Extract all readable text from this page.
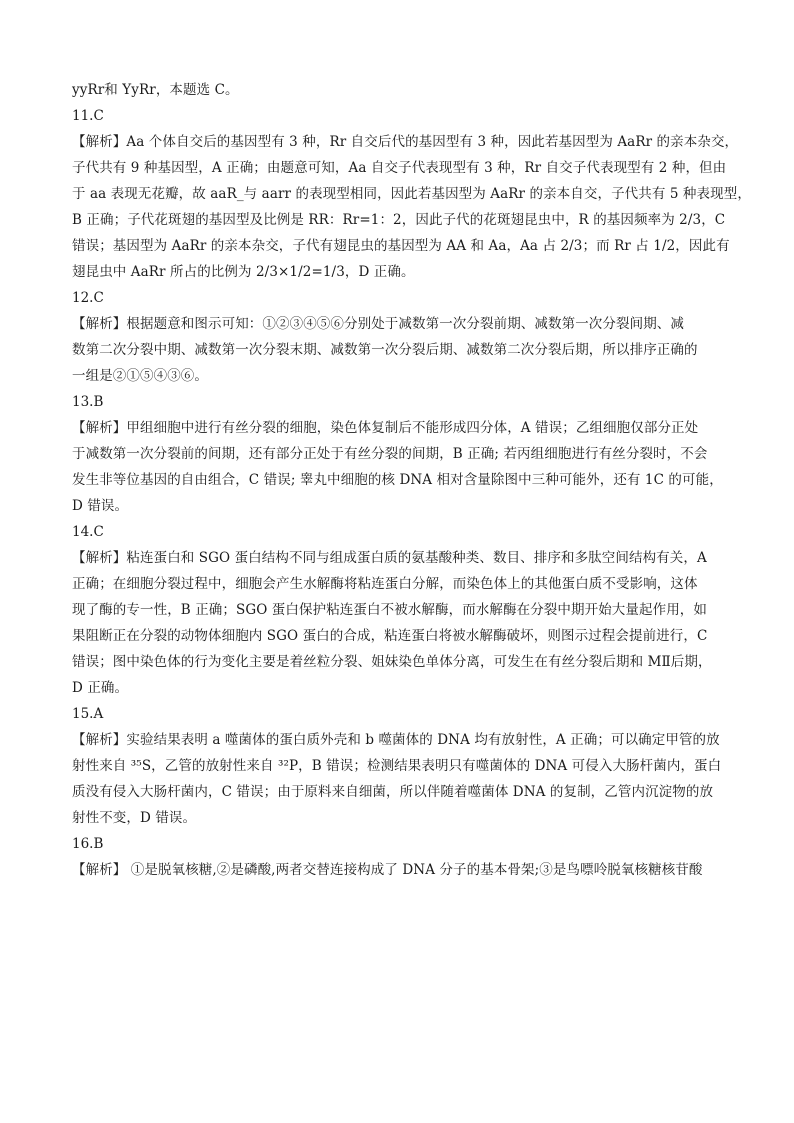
yyRr和 YyRr，本题选 C。
11.C
【解析】Aa 个体自交后的基因型有 3 种，Rr 自交后代的基因型有 3 种，因此若基因型为 AaRr 的亲本杂交，
子代共有 9 种基因型，A 正确；由题意可知，Aa 自交子代表现型有 3 种，Rr 自交子代表现型有 2 种，但由
于 aa 表现无花瓣，故 aaR_与 aarr 的表现型相同，因此若基因型为 AaRr 的亲本自交，子代共有 5 种表现型，
B 正确；子代花斑翅的基因型及比例是 RR：Rr=1：2，因此子代的花斑翅昆虫中，R 的基因频率为 2/3，C
错误；基因型为 AaRr 的亲本杂交，子代有翅昆虫的基因型为 AA 和 Aa，Aa 占 2/3；而 Rr 占 1/2，因此有
翅昆虫中 AaRr 所占的比例为 2/3×1/2=1/3，D 正确。
12.C
【解析】根据题意和图示可知：①②③④⑤⑥分别处于减数第一次分裂前期、减数第一次分裂间期、减
数第二次分裂中期、减数第一次分裂末期、减数第一次分裂后期、减数第二次分裂后期，所以排序正确的
一组是②①⑤④③⑥。
13.B
【解析】甲组细胞中进行有丝分裂的细胞，染色体复制后不能形成四分体，A 错误；乙组细胞仅部分正处
于减数第一次分裂前的间期，还有部分正处于有丝分裂的间期，B 正确; 若丙组细胞进行有丝分裂时，不会
发生非等位基因的自由组合，C 错误; 睾丸中细胞的核 DNA 相对含量除图中三种可能外，还有 1C 的可能，
D 错误。
14.C
【解析】粘连蛋白和 SGO 蛋白结构不同与组成蛋白质的氨基酸种类、数目、排序和多肽空间结构有关，A
正确；在细胞分裂过程中，细胞会产生水解酶将粘连蛋白分解，而染色体上的其他蛋白质不受影响，这体
现了酶的专一性，B 正确；SGO 蛋白保护粘连蛋白不被水解酶，而水解酶在分裂中期开始大量起作用，如
果阻断正在分裂的动物体细胞内 SGO 蛋白的合成，粘连蛋白将被水解酶破坏，则图示过程会提前进行，C
错误；图中染色体的行为变化主要是着丝粒分裂、姐妹染色单体分离，可发生在有丝分裂后期和 MⅡ后期，
D 正确。
15.A
【解析】实验结果表明 a 噬菌体的蛋白质外壳和 b 噬菌体的 DNA 均有放射性，A 正确；可以确定甲管的放
射性来自 ³⁵S，乙管的放射性来自 ³²P，B 错误；检测结果表明只有噬菌体的 DNA 可侵入大肠杆菌内，蛋白
质没有侵入大肠杆菌内，C 错误；由于原料来自细菌，所以伴随着噬菌体 DNA 的复制，乙管内沉淀物的放
射性不变，D 错误。
16.B
【解析】 ①是脱氧核糖,②是磷酸,两者交替连接构成了 DNA 分子的基本骨架;③是鸟嘌呤脱氧核糖核苷酸
